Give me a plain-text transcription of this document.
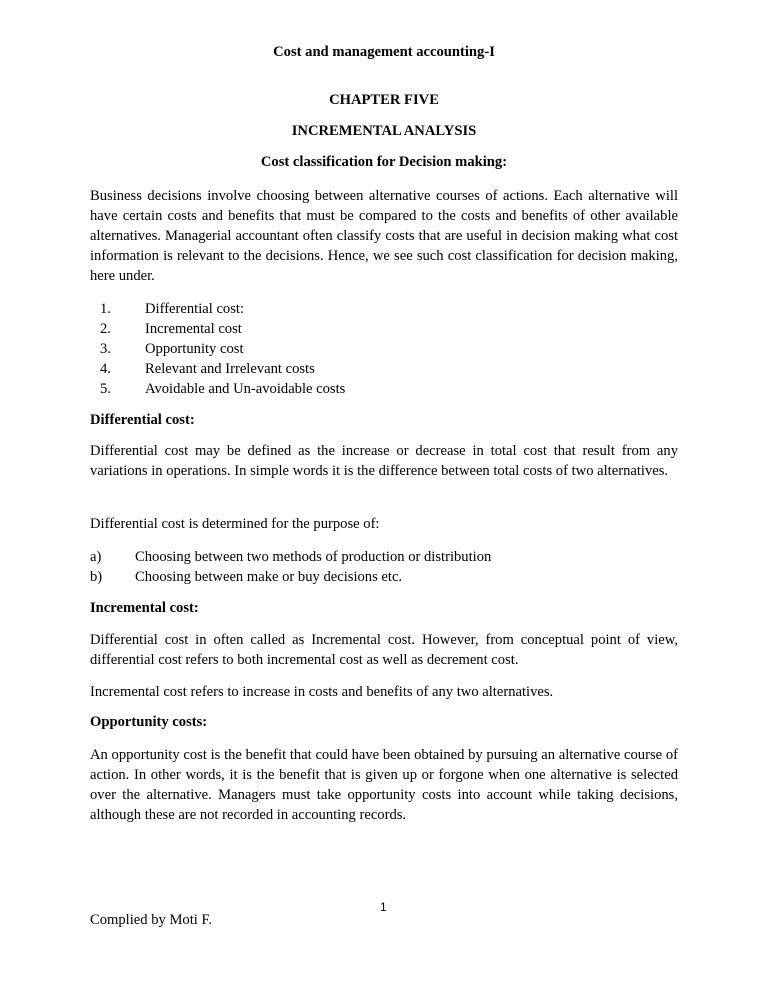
Cost and management accounting-I
CHAPTER FIVE
INCREMENTAL ANALYSIS
Cost classification for Decision making:

Business decisions involve choosing between alternative courses of actions. Each alternative will have certain costs and benefits that must be compared to the costs and benefits of other available alternatives. Managerial accountant often classify costs that are useful in decision making what cost information is relevant to the decisions. Hence, we see such cost classification for decision making, here under.

1.	Differential cost:
2.	Incremental cost
3.	Opportunity cost
4.	Relevant and Irrelevant costs
5.	Avoidable and Un-avoidable costs

Differential cost:

Differential cost may be defined as the increase or decrease in total cost that result from any variations in operations. In simple words it is the difference between total costs of two alternatives.

Differential cost is determined for the purpose of:

a)	Choosing between two methods of production or distribution
b)	Choosing between make or buy decisions etc.

Incremental cost:

Differential cost in often called as Incremental cost. However, from conceptual point of view, differential cost refers to both incremental cost as well as decrement cost.

Incremental cost refers to increase in costs and benefits of any two alternatives.

Opportunity costs:

An opportunity cost is the benefit that could have been obtained by pursuing an alternative course of action. In other words, it is the benefit that is given up or forgone when one alternative is selected over the alternative. Managers must take opportunity costs into account while taking decisions, although these are not recorded in accounting records.

1
Complied by Moti F.
